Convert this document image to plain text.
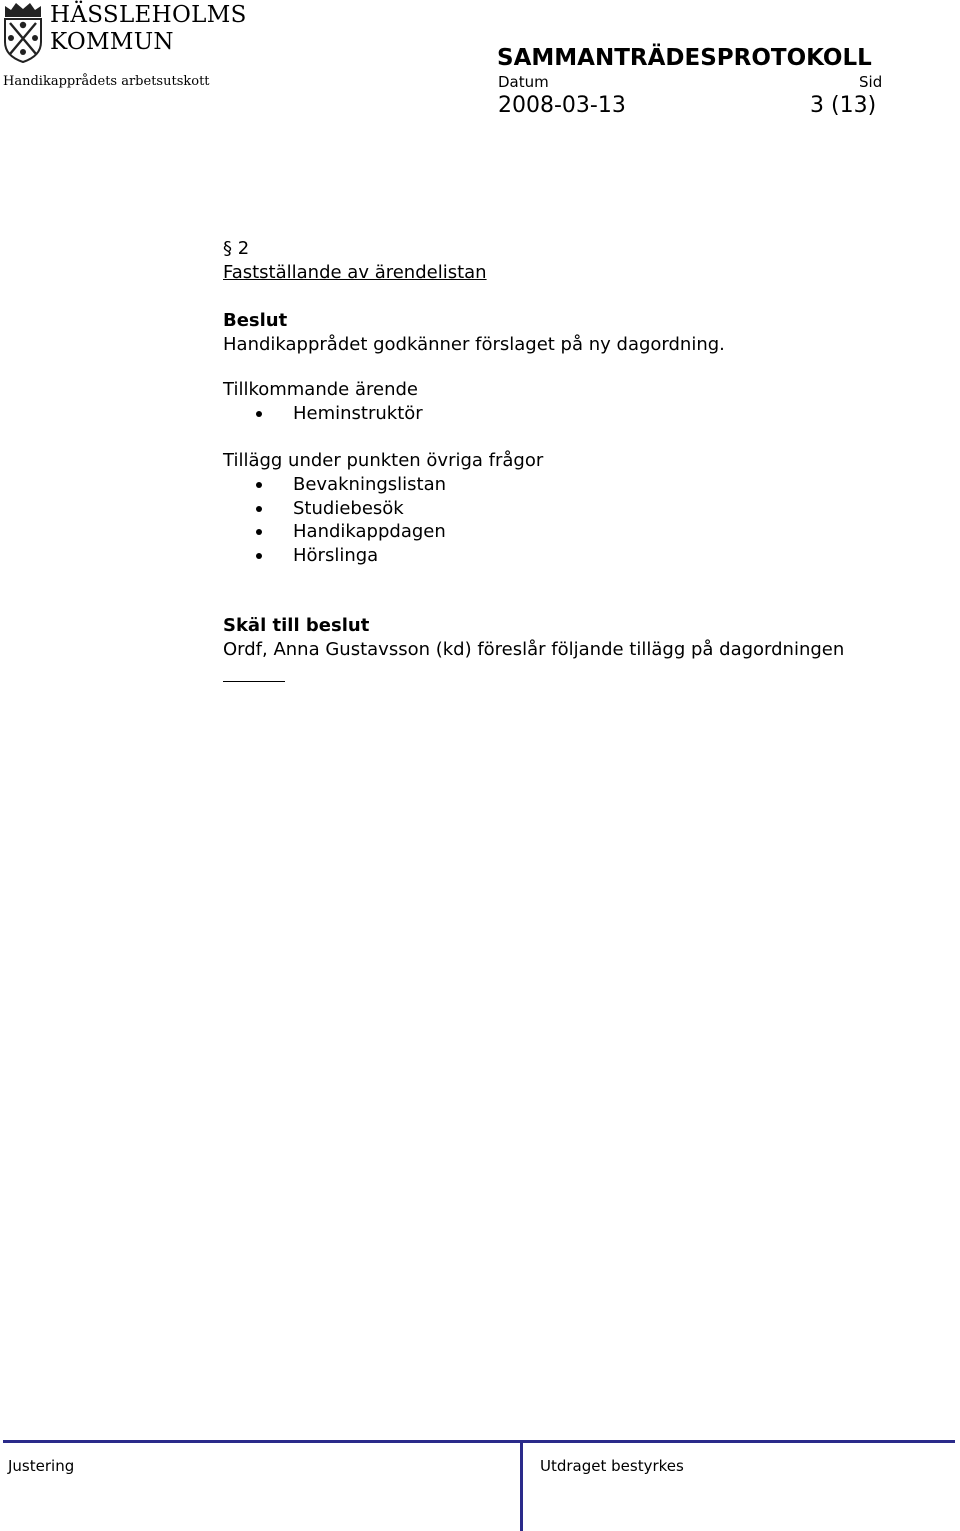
HÄSSLEHOLMS
KOMMUN
Handikapprådets arbetsutskott
SAMMANTRÄDESPROTOKOLL
Datum	Sid
2008-03-13	3 (13)
§ 2
Fastställande av ärendelistan
Beslut
Handikapprådet godkänner förslaget på ny dagordning.
Tillkommande ärende
Heminstruktör
Tillägg under punkten övriga frågor
Bevakningslistan
Studiebesök
Handikappdagen
Hörslinga
Skäl till beslut
Ordf, Anna Gustavsson (kd) föreslår följande tillägg på dagordningen
Justering	Utdraget bestyrkes
